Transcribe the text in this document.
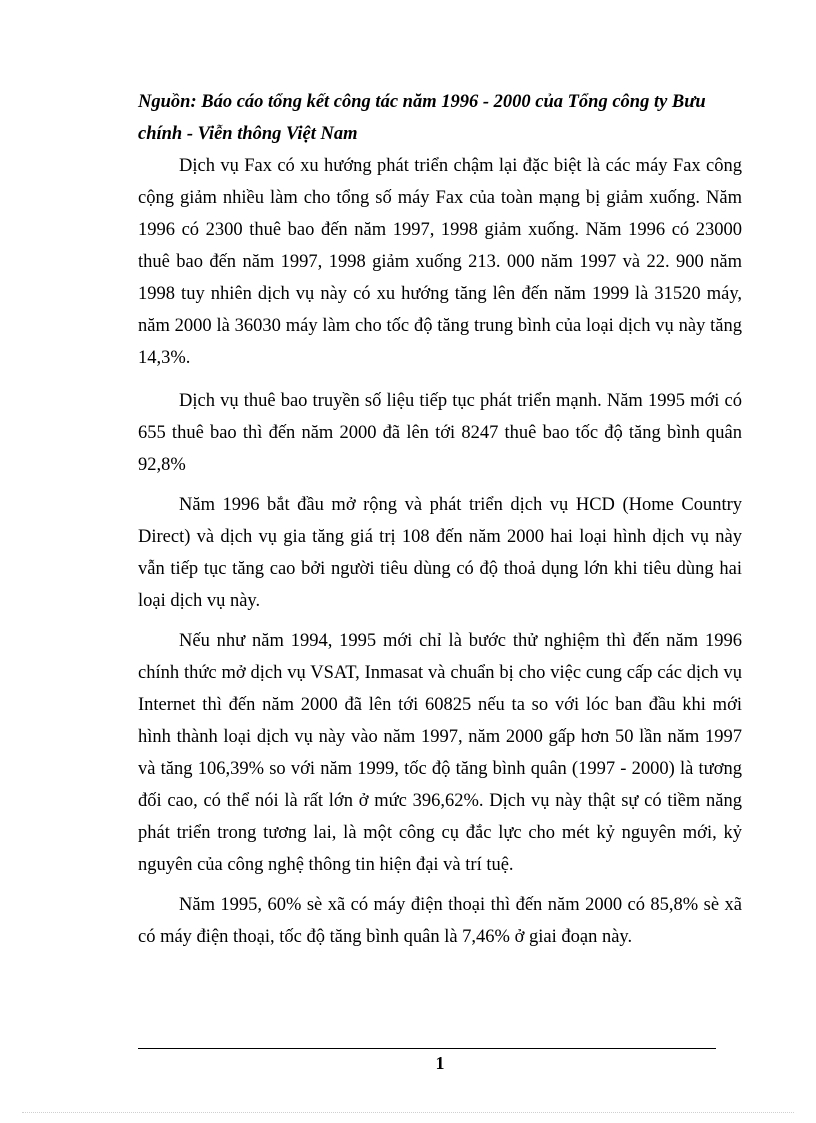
Nguồn: Báo cáo tổng kết công tác năm 1996 - 2000 của Tổng công ty Bưu chính - Viễn thông Việt Nam

Dịch vụ Fax có xu hướng phát triển chậm lại đặc biệt là các máy Fax công cộng giảm nhiều làm cho tổng số máy Fax của toàn mạng bị giảm xuống. Năm 1996 có 2300 thuê bao đến năm 1997, 1998 giảm xuống. Năm 1996 có 23000 thuê bao đến năm 1997, 1998 giảm xuống 213. 000 năm 1997 và 22. 900 năm 1998 tuy nhiên dịch vụ này có xu hướng tăng lên đến năm 1999 là 31520 máy, năm 2000 là 36030 máy làm cho tốc độ tăng trung bình của loại dịch vụ này tăng 14,3%.

Dịch vụ thuê bao truyền số liệu tiếp tục phát triển mạnh. Năm 1995 mới có 655 thuê bao thì đến năm 2000 đã lên tới 8247 thuê bao tốc độ tăng bình quân 92,8%

Năm 1996 bắt đầu mở rộng và phát triển dịch vụ HCD (Home Country Direct) và dịch vụ gia tăng giá trị 108 đến năm 2000 hai loại hình dịch vụ này vẫn tiếp tục tăng cao bởi người tiêu dùng có độ thoả dụng lớn khi tiêu dùng hai loại dịch vụ này.

Nếu như năm 1994, 1995 mới chỉ là bước thử nghiệm thì đến năm 1996 chính thức mở dịch vụ VSAT, Inmasat và chuẩn bị cho việc cung cấp các dịch vụ Internet thì đến năm 2000 đã lên tới 60825 nếu ta so với lóc ban đầu khi mới hình thành loại dịch vụ này vào năm 1997, năm 2000 gấp hơn 50 lần năm 1997 và tăng 106,39% so với năm 1999, tốc độ tăng bình quân (1997 - 2000) là tương đối cao, có thể nói là rất lớn ở mức 396,62%. Dịch vụ này thật sự có tiềm năng phát triển trong tương lai, là một công cụ đắc lực cho mét kỷ nguyên mới, kỷ nguyên của công nghệ thông tin hiện đại và trí tuệ.

Năm 1995, 60% sè xã có máy điện thoại thì đến năm 2000 có 85,8% sè xã có máy điện thoại, tốc độ tăng bình quân là 7,46% ở giai đoạn này.

1
